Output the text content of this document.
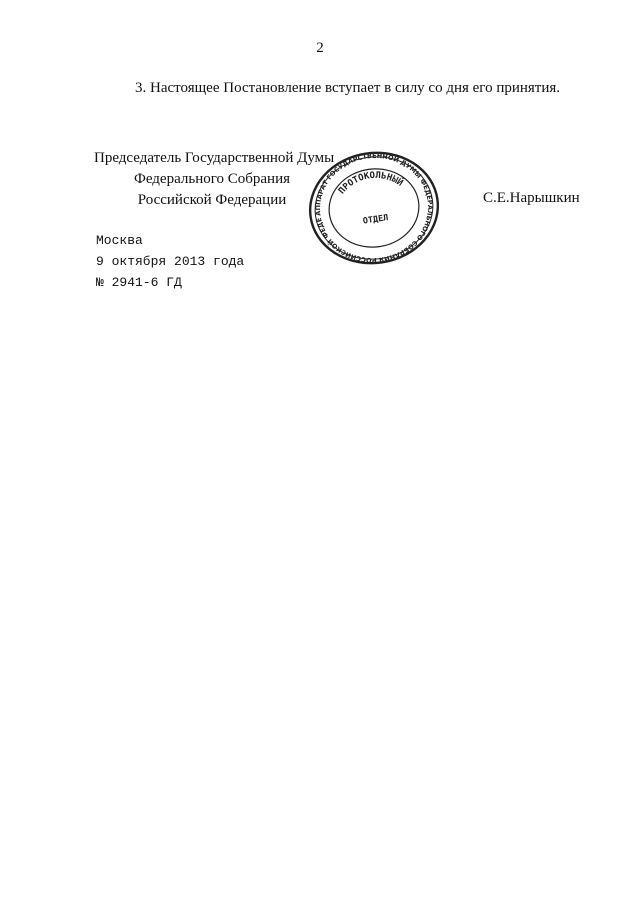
2
3. Настоящее Постановление вступает в силу со дня его принятия.
Председатель Государственной Думы
Федерального Собрания
Российской Федерации	С.Е.Нарышкин
Москва
9 октября 2013 года
№ 2941-6 ГД
АППАРАТ ГОСУДАРСТВЕННОЙ ДУМЫ ФЕДЕРАЛЬНОГО СОБРАНИЯ РОССИЙСКОЙ ФЕДЕРАЦИИ
ПРОТОКОЛЬНЫЙ
ОТДЕЛ
